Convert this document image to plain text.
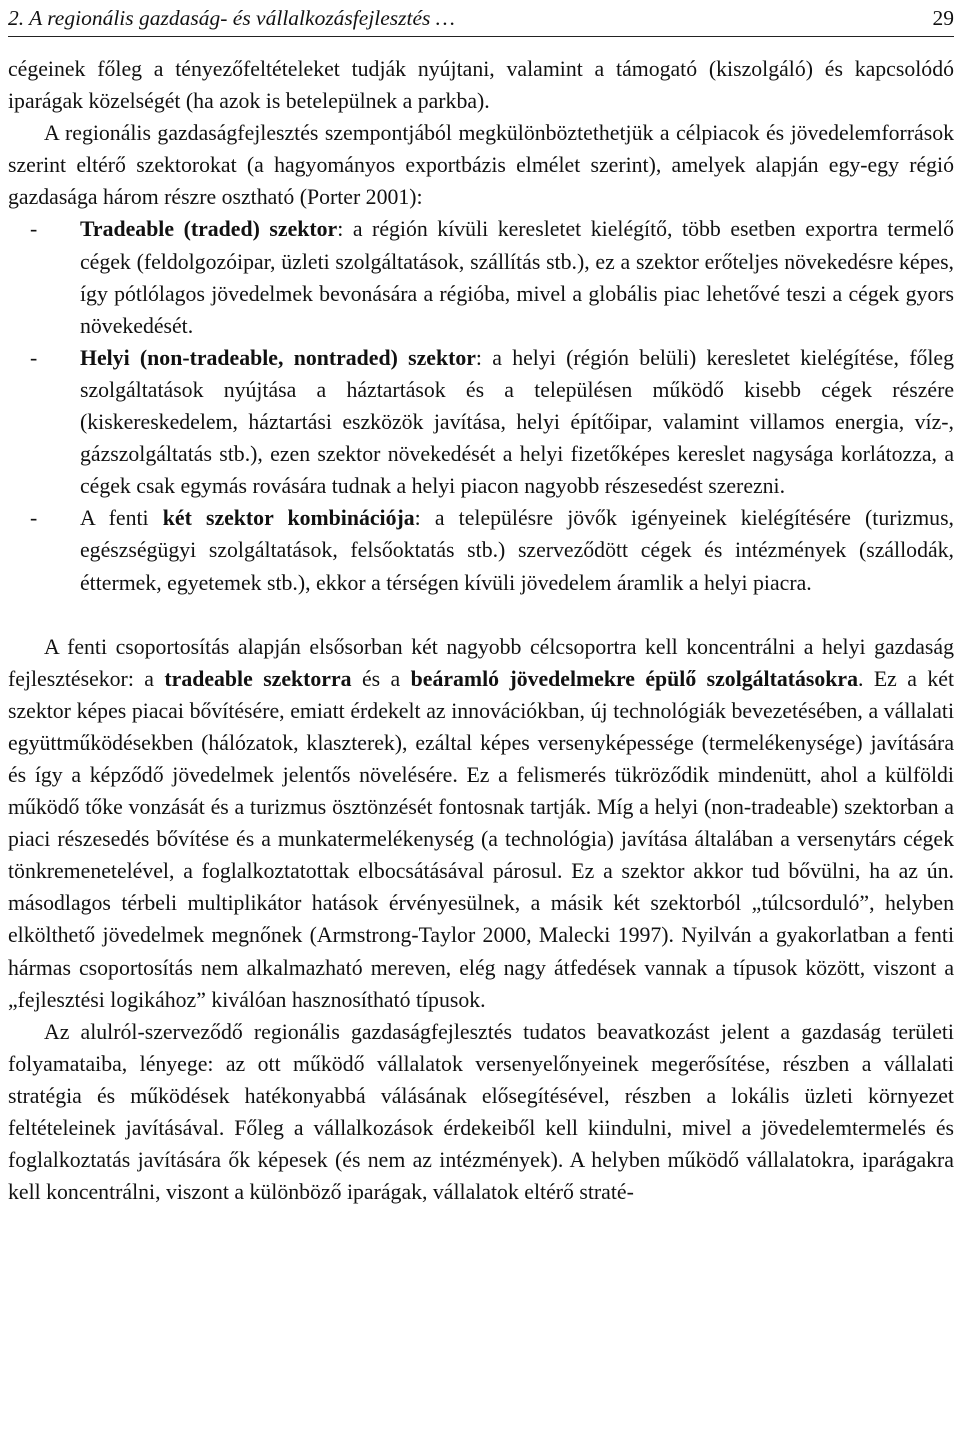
2. A regionális gazdaság- és vállalkozásfejlesztés …	29

cégeinek főleg a tényezőfeltételeket tudják nyújtani, valamint a támogató (kiszolgáló) és kapcsolódó iparágak közelségét (ha azok is betelepülnek a parkba).

A regionális gazdaságfejlesztés szempontjából megkülönböztethetjük a célpiacok és jövedelemforrások szerint eltérő szektorokat (a hagyományos exportbázis elmélet szerint), amelyek alapján egy-egy régió gazdasága három részre osztható (Porter 2001):

- Tradeable (traded) szektor: a régión kívüli keresletet kielégítő, több esetben exportra termelő cégek (feldolgozóipar, üzleti szolgáltatások, szállítás stb.), ez a szektor erőteljes növekedésre képes, így pótlólagos jövedelmek bevonására a régióba, mivel a globális piac lehetővé teszi a cégek gyors növekedését.
- Helyi (non-tradeable, nontraded) szektor: a helyi (régión belüli) keresletet kielégítése, főleg szolgáltatások nyújtása a háztartások és a településen működő kisebb cégek részére (kiskereskedelem, háztartási eszközök javítása, helyi építőipar, valamint villamos energia, víz-, gázszolgáltatás stb.), ezen szektor növekedését a helyi fizetőképes kereslet nagysága korlátozza, a cégek csak egymás rovására tudnak a helyi piacon nagyobb részesedést szerezni.
- A fenti két szektor kombinációja: a településre jövők igényeinek kielégítésére (turizmus, egészségügyi szolgáltatások, felsőoktatás stb.) szerveződött cégek és intézmények (szállodák, éttermek, egyetemek stb.), ekkor a térségen kívüli jövedelem áramlik a helyi piacra.

A fenti csoportosítás alapján elsősorban két nagyobb célcsoportra kell koncentrálni a helyi gazdaság fejlesztésekor: a tradeable szektorra és a beáramló jövedelmekre épülő szolgáltatásokra. Ez a két szektor képes piacai bővítésére, emiatt érdekelt az innovációkban, új technológiák bevezetésében, a vállalati együttműködésekben (hálózatok, klaszterek), ezáltal képes versenyképessége (termelékenysége) javítására és így a képződő jövedelmek jelentős növelésére. Ez a felismerés tükröződik mindenütt, ahol a külföldi működő tőke vonzását és a turizmus ösztönzését fontosnak tartják. Míg a helyi (non-tradeable) szektorban a piaci részesedés bővítése és a munkatermelékenység (a technológia) javítása általában a versenytárs cégek tönkremenetelével, a foglalkoztatottak elbocsátásával párosul. Ez a szektor akkor tud bővülni, ha az ún. másodlagos térbeli multiplikátor hatások érvényesülnek, a másik két szektorból „túlcsorduló”, helyben elkölthető jövedelmek megnőnek (Armstrong-Taylor 2000, Malecki 1997). Nyilván a gyakorlatban a fenti hármas csoportosítás nem alkalmazható mereven, elég nagy átfedések vannak a típusok között, viszont a „fejlesztési logikához” kiválóan hasznosítható típusok.

Az alulról-szerveződő regionális gazdaságfejlesztés tudatos beavatkozást jelent a gazdaság területi folyamataiba, lényege: az ott működő vállalatok versenyelőnyeinek megerősítése, részben a vállalati stratégia és működések hatékonyabbá válásának elősegítésével, részben a lokális üzleti környezet feltételeinek javításával. Főleg a vállalkozások érdekeiből kell kiindulni, mivel a jövedelemtermelés és foglalkoztatás javítására ők képesek (és nem az intézmények). A helyben működő vállalatokra, iparágakra kell koncentrálni, viszont a különböző iparágak, vállalatok eltérő straté-
